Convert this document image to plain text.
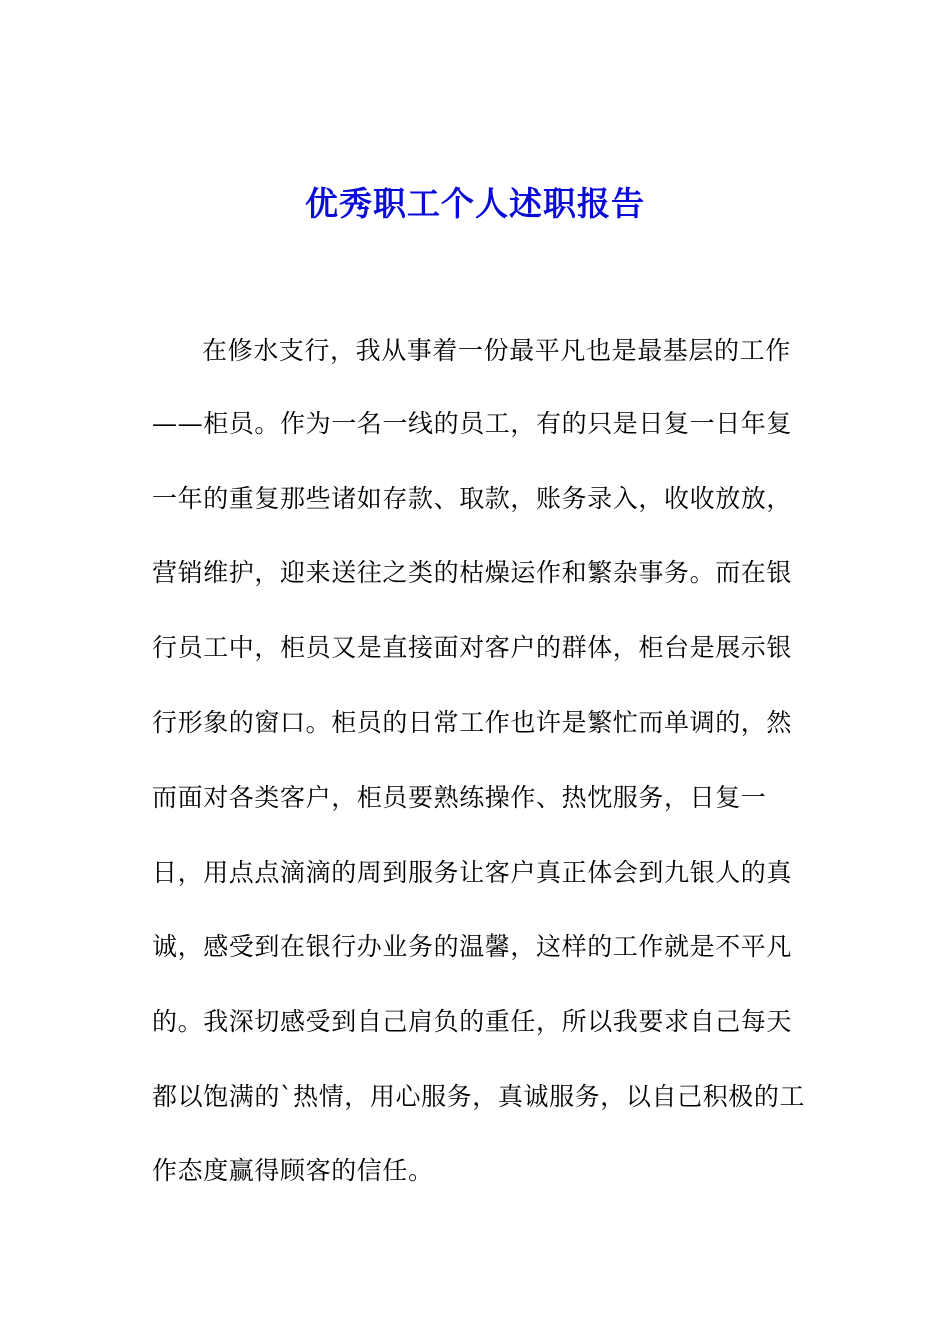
优秀职工个人述职报告
在修水支行，我从事着一份最平凡也是最基层的工作
——柜员。作为一名一线的员工，有的只是日复一日年复
一年的重复那些诸如存款、取款，账务录入，收收放放，
营销维护，迎来送往之类的枯燥运作和繁杂事务。而在银
行员工中，柜员又是直接面对客户的群体，柜台是展示银
行形象的窗口。柜员的日常工作也许是繁忙而单调的，然
而面对各类客户，柜员要熟练操作、热忱服务，日复一
日，用点点滴滴的周到服务让客户真正体会到九银人的真
诚，感受到在银行办业务的温馨，这样的工作就是不平凡
的。我深切感受到自己肩负的重任，所以我要求自己每天
都以饱满的`热情，用心服务，真诚服务，以自己积极的工
作态度赢得顾客的信任。
